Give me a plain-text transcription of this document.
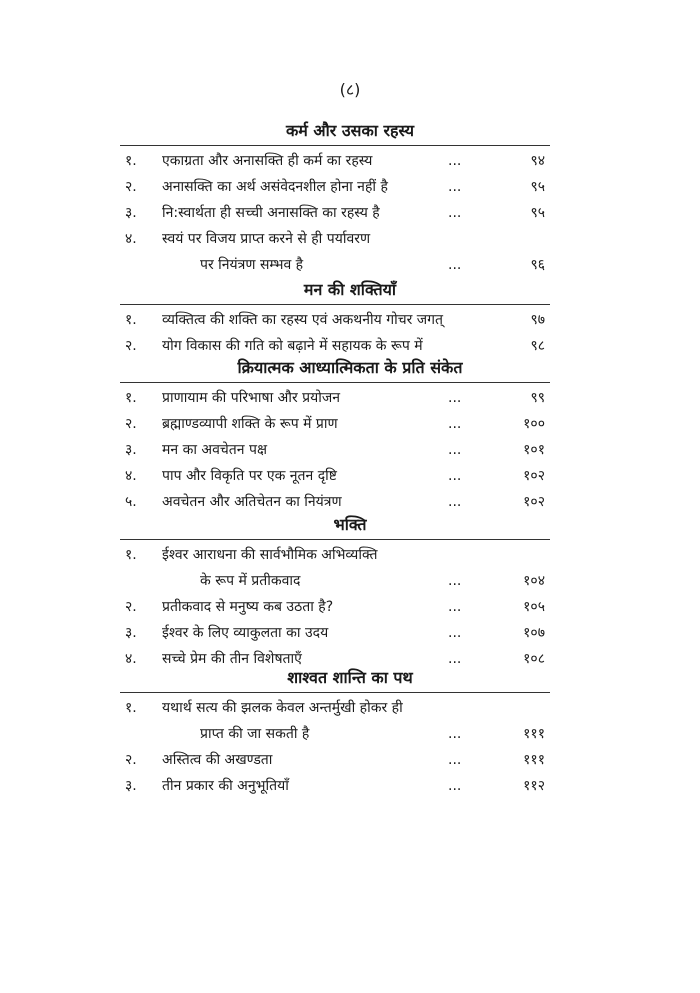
(८)
कर्म और उसका रहस्य
१. एकाग्रता और अनासक्ति ही कर्म का रहस्य	...	९४
२. अनासक्ति का अर्थ असंवेदनशील होना नहीं है	...	९५
३. नि:स्वार्थता ही सच्ची अनासक्ति का रहस्य है	...	९५
४. स्वयं पर विजय प्राप्त करने से ही पर्यावरण
पर नियंत्रण सम्भव है	...	९६
मन की शक्तियाँ
१. व्यक्तित्व की शक्ति का रहस्य एवं अकथनीय गोचर जगत्	९७
२. योग विकास की गति को बढ़ाने में सहायक के रूप में	९८
क्रियात्मक आध्यात्मिकता के प्रति संकेत
१. प्राणायाम की परिभाषा और प्रयोजन	...	९९
२. ब्रह्माण्डव्यापी शक्ति के रूप में प्राण	...	१००
३. मन का अवचेतन पक्ष	...	१०१
४. पाप और विकृति पर एक नूतन दृष्टि	...	१०२
५. अवचेतन और अतिचेतन का नियंत्रण	...	१०२
भक्ति
१. ईश्वर आराधना की सार्वभौमिक अभिव्यक्ति
के रूप में प्रतीकवाद	...	१०४
२. प्रतीकवाद से मनुष्य कब उठता है?	...	१०५
३. ईश्वर के लिए व्याकुलता का उदय	...	१०७
४. सच्चे प्रेम की तीन विशेषताएँ	...	१०८
शाश्वत शान्ति का पथ
१. यथार्थ सत्य की झलक केवल अन्तर्मुखी होकर ही
प्राप्त की जा सकती है	...	१११
२. अस्तित्व की अखण्डता	...	१११
३. तीन प्रकार की अनुभूतियाँ	...	११२
